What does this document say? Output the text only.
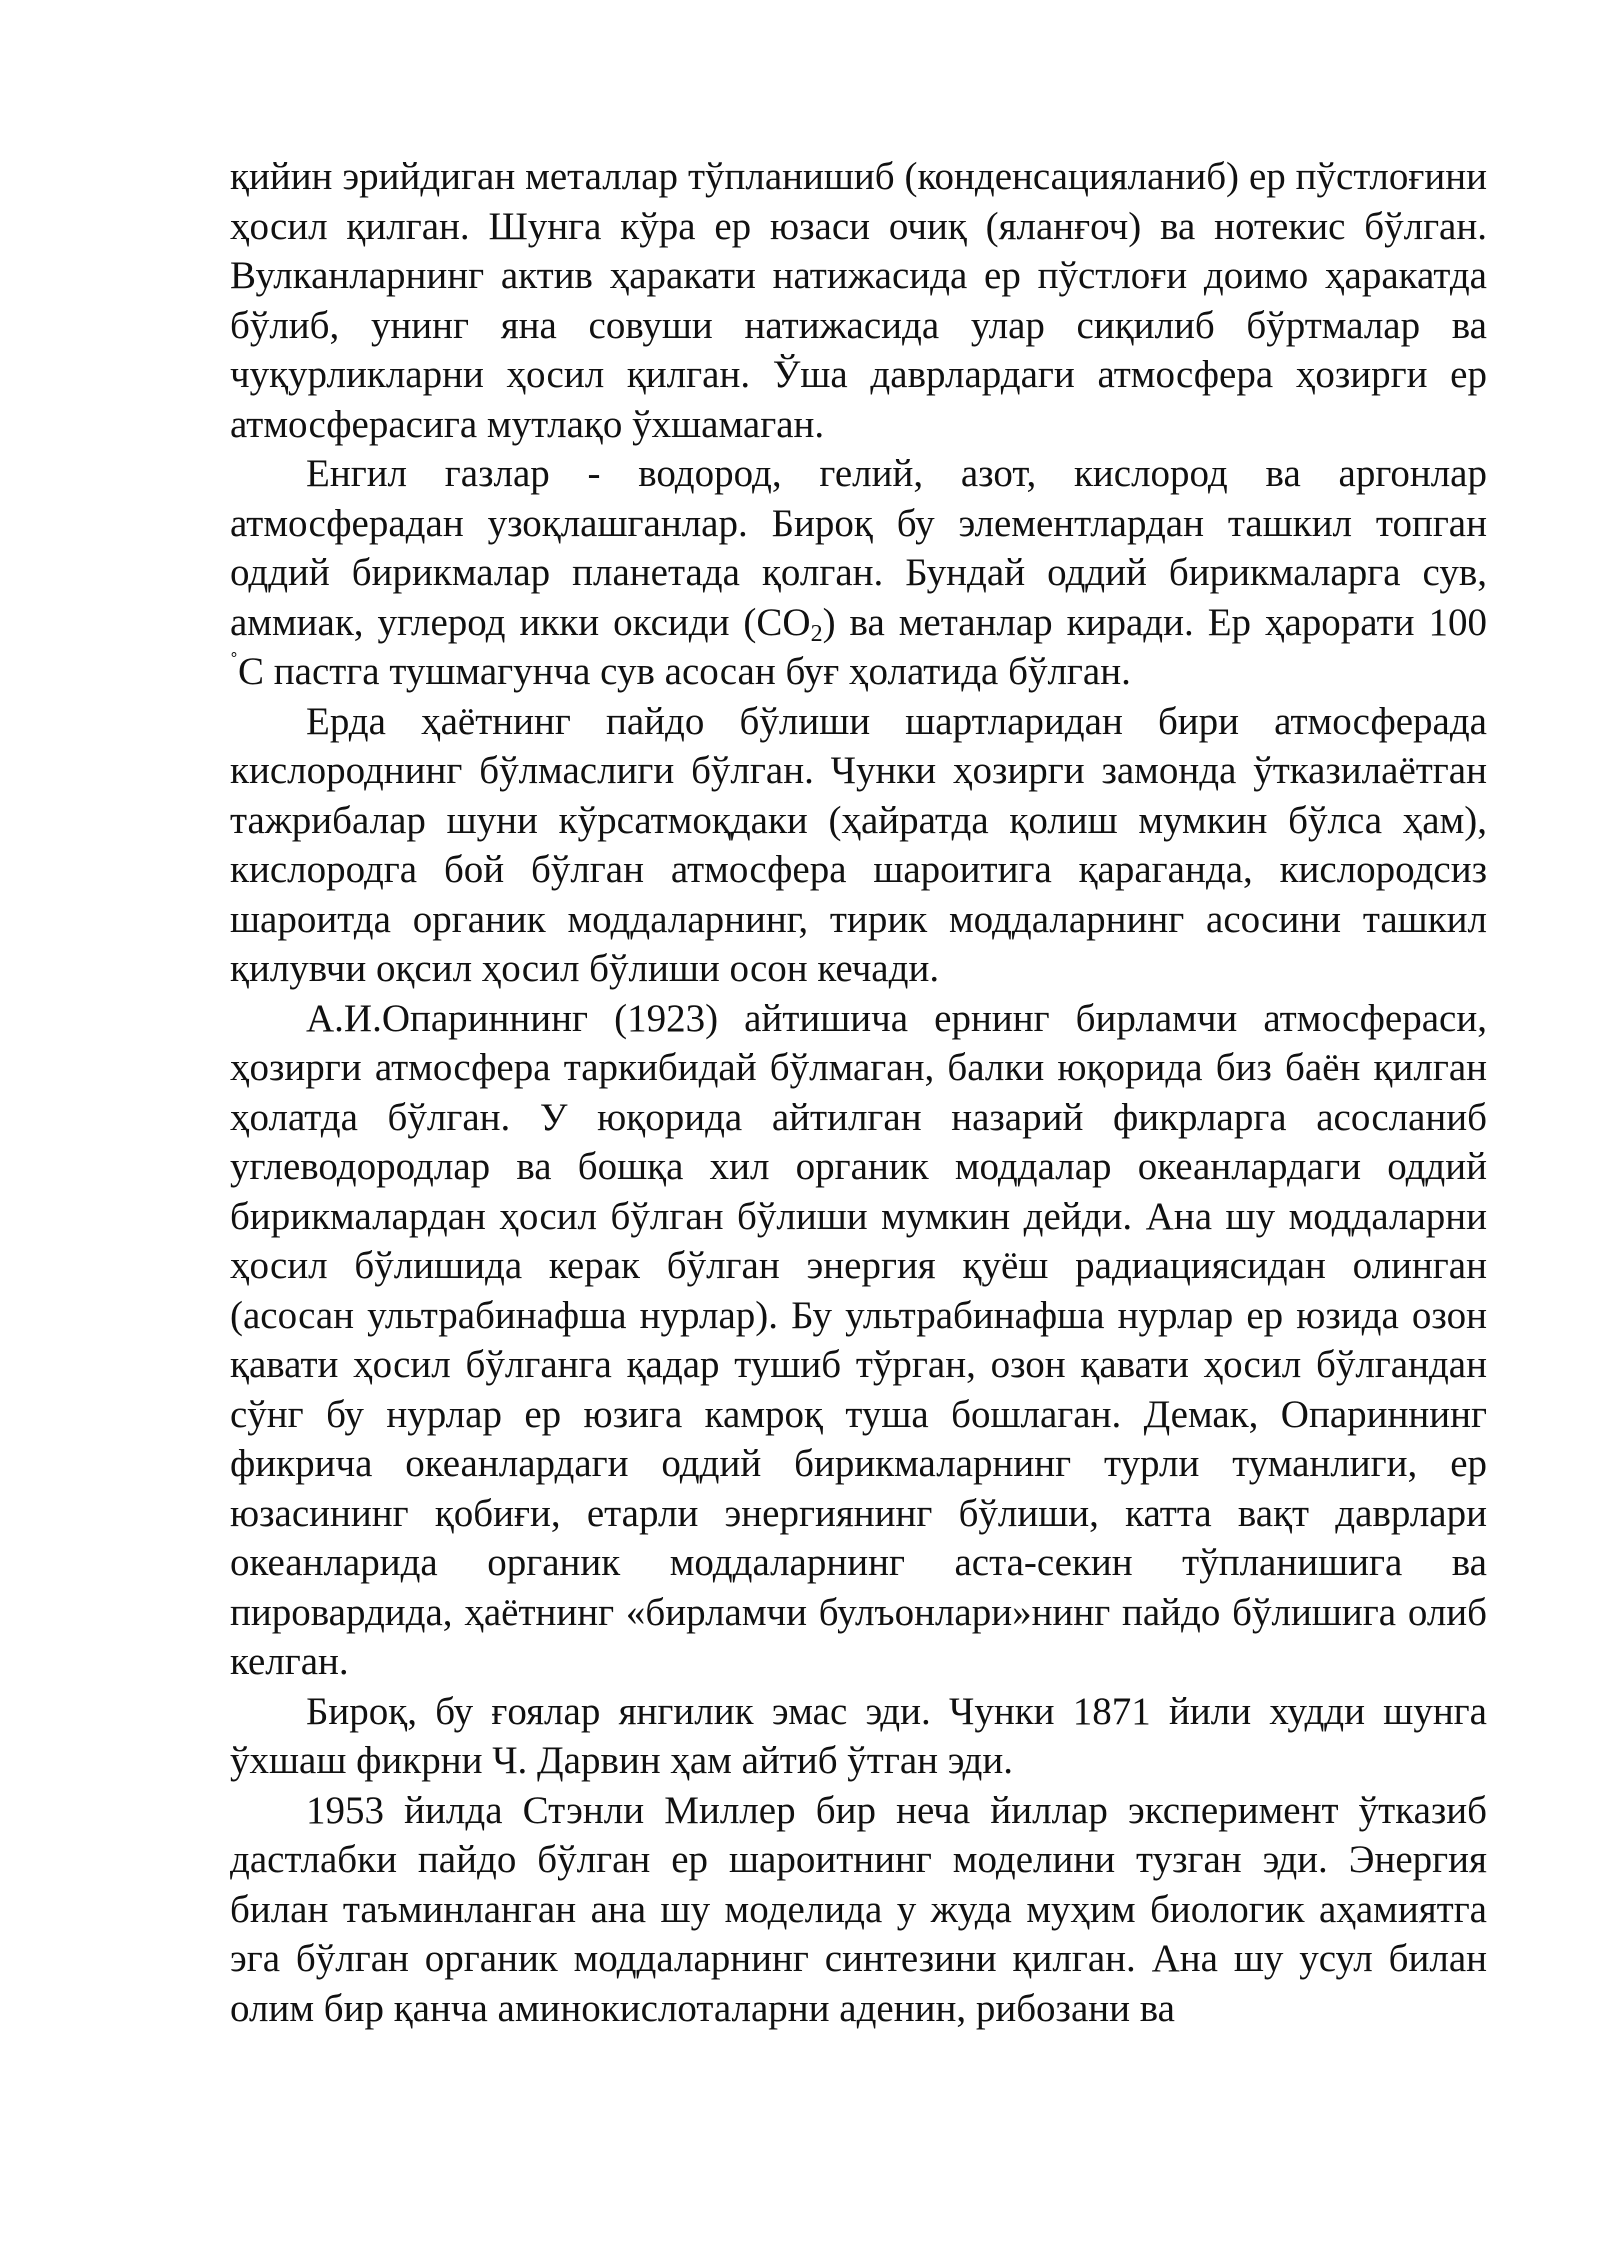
қийин эрийдиган металлар тўпланишиб (конденсацияланиб) ер пўстлоғини ҳосил қилган. Шунга кўра ер юзаси очиқ (яланғоч) ва нотекис бўлган. Вулканларнинг актив ҳаракати натижасида ер пўстлоғи доимо ҳаракатда бўлиб, унинг яна совуши натижасида улар сиқилиб бўртмалар ва чуқурликларни ҳосил қилган. Ўша даврлардаги атмосфера ҳозирги ер атмосферасига мутлақо ўхшамаган.

Енгил газлар - водород, гелий, азот, кислород ва аргонлар атмосферадан узоқлашганлар. Бироқ бу элементлардан ташкил топган оддий бирикмалар планетада қолган. Бундай оддий бирикмаларга сув, аммиак, углерод икки оксиди $(СО_2)$ ва метанлар киради. Ер ҳарорати 100 ˚С пастга тушмагунча сув асосан буғ ҳолатида бўлган.

Ерда ҳаётнинг пайдо бўлиши шартларидан бири атмосферада кислороднинг бўлмаслиги бўлган. Чунки ҳозирги замонда ўтказилаётган тажрибалар шуни кўрсатмоқдаки (ҳайратда қолиш мумкин бўлса ҳам), кислородга бой бўлган атмосфера шароитига қараганда, кислородсиз шароитда органик моддаларнинг, тирик моддаларнинг асосини ташкил қилувчи оқсил ҳосил бўлиши осон кечади.

А.И.Опариннинг (1923) айтишича ернинг бирламчи атмосфераси, ҳозирги атмосфера таркибидай бўлмаган, балки юқорида биз баён қилган ҳолатда бўлган. У юқорида айтилган назарий фикрларга асосланиб углеводородлар ва бошқа хил органик моддалар океанлардаги оддий бирикмалардан ҳосил бўлган бўлиши мумкин дейди. Ана шу моддаларни ҳосил бўлишида керак бўлган энергия қуёш радиациясидан олинган (асосан ультрабинафша нурлар). Бу ультрабинафша нурлар ер юзида озон қавати ҳосил бўлганга қадар тушиб тўрган, озон қавати ҳосил бўлгандан сўнг бу нурлар ер юзига камроқ туша бошлаган. Демак, Опариннинг фикрича океанлардаги оддий бирикмаларнинг турли туманлиги, ер юзасининг қобиғи, етарли энергиянинг бўлиши, катта вақт даврлари океанларида органик моддаларнинг аста-секин тўпланишига ва пировардида, ҳаётнинг «бирламчи булъонлари»нинг пайдо бўлишига олиб келган.

Бироқ, бу ғоялар янгилик эмас эди. Чунки 1871 йили худди шунга ўхшаш фикрни Ч. Дарвин ҳам айтиб ўтган эди.

1953 йилда Стэнли Миллер бир неча йиллар эксперимент ўтказиб дастлабки пайдо бўлган ер шароитнинг моделини тузган эди. Энергия билан таъминланган ана шу моделида у жуда муҳим биологик аҳамиятга эга бўлган органик моддаларнинг синтезини қилган. Ана шу усул билан олим бир қанча аминокислоталарни аденин, рибозани ва
